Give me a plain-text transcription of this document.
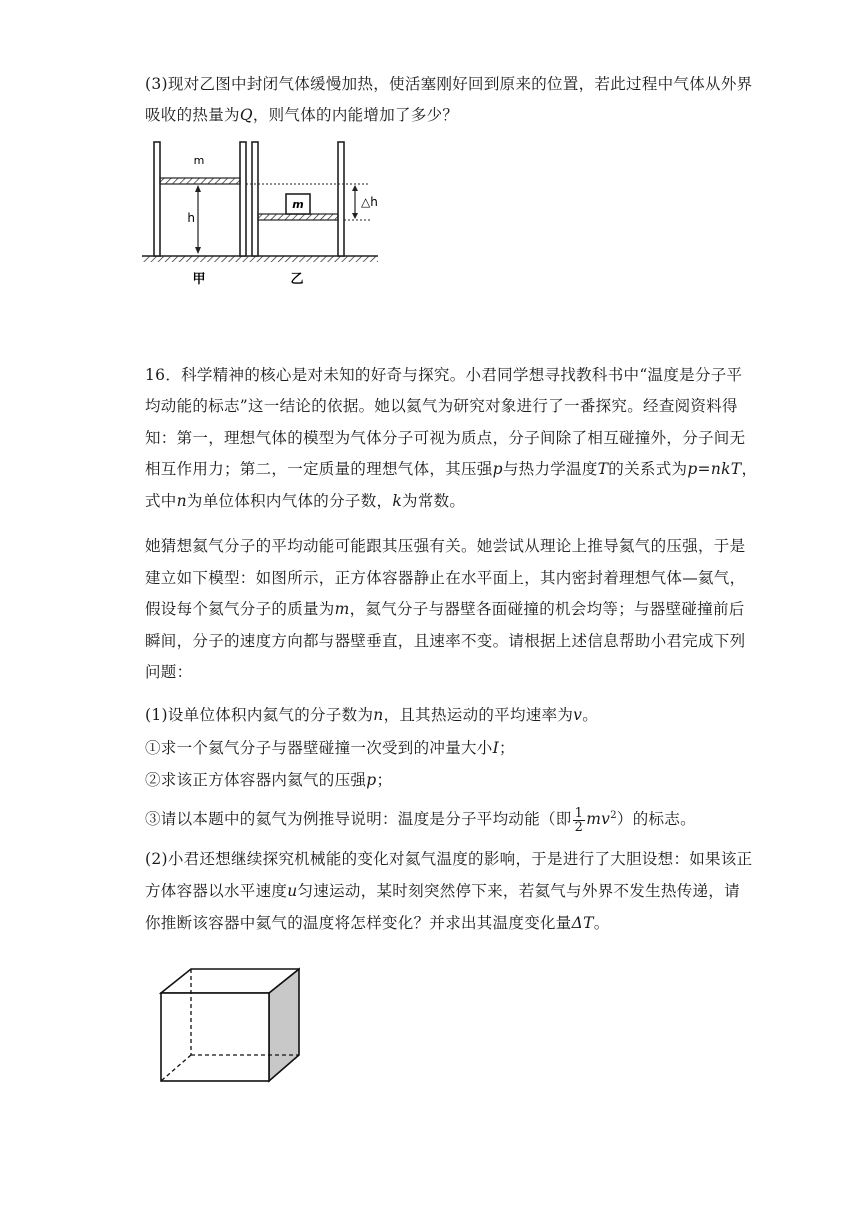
(3)现对乙图中封闭气体缓慢加热，使活塞刚好回到原来的位置，若此过程中气体从外界
吸收的热量为Q，则气体的内能增加了多少？
m
h
m	△h
甲	乙
16．科学精神的核心是对未知的好奇与探究。小君同学想寻找教科书中“温度是分子平
均动能的标志”这一结论的依据。她以氦气为研究对象进行了一番探究。经查阅资料得
知：第一，理想气体的模型为气体分子可视为质点，分子间除了相互碰撞外，分子间无
相互作用力；第二，一定质量的理想气体，其压强p与热力学温度T的关系式为p=nkT，
式中n为单位体积内气体的分子数，k为常数。
她猜想氦气分子的平均动能可能跟其压强有关。她尝试从理论上推导氦气的压强，于是
建立如下模型：如图所示，正方体容器静止在水平面上，其内密封着理想气体—氦气，
假设每个氦气分子的质量为m，氦气分子与器壁各面碰撞的机会均等；与器壁碰撞前后
瞬间，分子的速度方向都与器壁垂直，且速率不变。请根据上述信息帮助小君完成下列
问题：
(1)设单位体积内氦气的分子数为n，且其热运动的平均速率为v。
①求一个氦气分子与器壁碰撞一次受到的冲量大小I；
②求该正方体容器内氦气的压强p；
③请以本题中的氦气为例推导说明：温度是分子平均动能（即 $\frac{1}{2} mv^2$）的标志。
(2)小君还想继续探究机械能的变化对氦气温度的影响，于是进行了大胆设想：如果该正
方体容器以水平速度u匀速运动，某时刻突然停下来，若氦气与外界不发生热传递，请
你推断该容器中氦气的温度将怎样变化？并求出其温度变化量ΔT。
